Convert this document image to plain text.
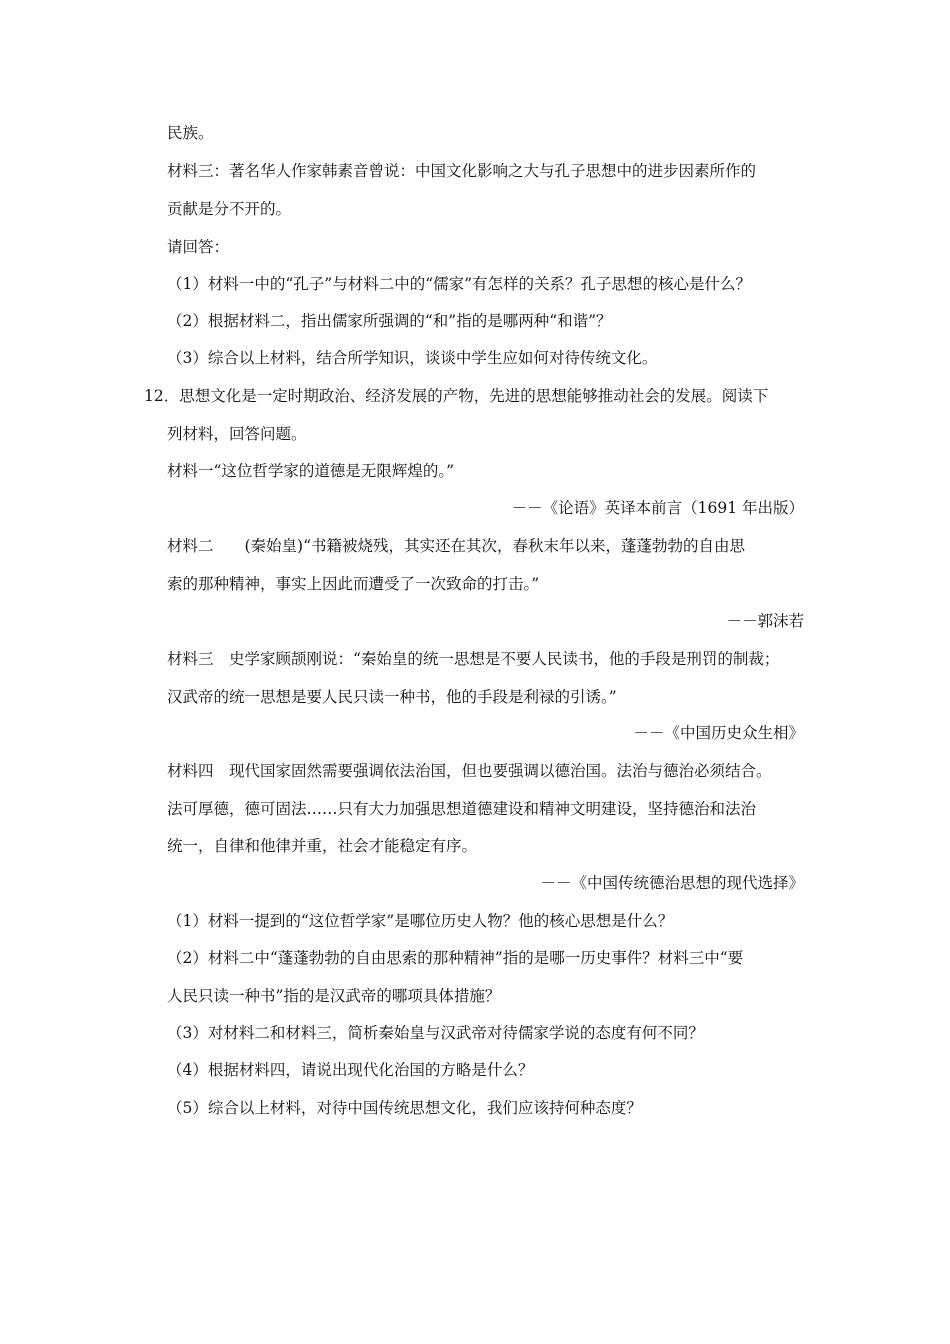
民族。
材料三：著名华人作家韩素音曾说：中国文化影响之大与孔子思想中的进步因素所作的
贡献是分不开的。
请回答：
（1）材料一中的“孔子”与材料二中的“儒家”有怎样的关系？孔子思想的核心是什么？
（2）根据材料二，指出儒家所强调的“和”指的是哪两种“和谐”？
（3）综合以上材料，结合所学知识，谈谈中学生应如何对待传统文化。
12．思想文化是一定时期政治、经济发展的产物，先进的思想能够推动社会的发展。阅读下
列材料，回答问题。
材料一“这位哲学家的道德是无限辉煌的。”
－－《论语》英译本前言（1691 年出版）
材料二　　(秦始皇)“书籍被烧残，其实还在其次，春秋末年以来，蓬蓬勃勃的自由思
索的那种精神，事实上因此而遭受了一次致命的打击。”
－－郭沫若
材料三　史学家顾颉刚说：“秦始皇的统一思想是不要人民读书，他的手段是刑罚的制裁；
汉武帝的统一思想是要人民只读一种书，他的手段是利禄的引诱。”
－－《中国历史众生相》
材料四　现代国家固然需要强调依法治国，但也要强调以德治国。法治与德治必须结合。
法可厚德，德可固法……只有大力加强思想道德建设和精神文明建设，坚持德治和法治
统一，自律和他律并重，社会才能稳定有序。
－－《中国传统德治思想的现代选择》
（1）材料一提到的“这位哲学家”是哪位历史人物？他的核心思想是什么？
（2）材料二中“蓬蓬勃勃的自由思索的那种精神”指的是哪一历史事件？材料三中“要
人民只读一种书”指的是汉武帝的哪项具体措施？
（3）对材料二和材料三，简析秦始皇与汉武帝对待儒家学说的态度有何不同？
（4）根据材料四，请说出现代化治国的方略是什么？
（5）综合以上材料，对待中国传统思想文化，我们应该持何种态度？
